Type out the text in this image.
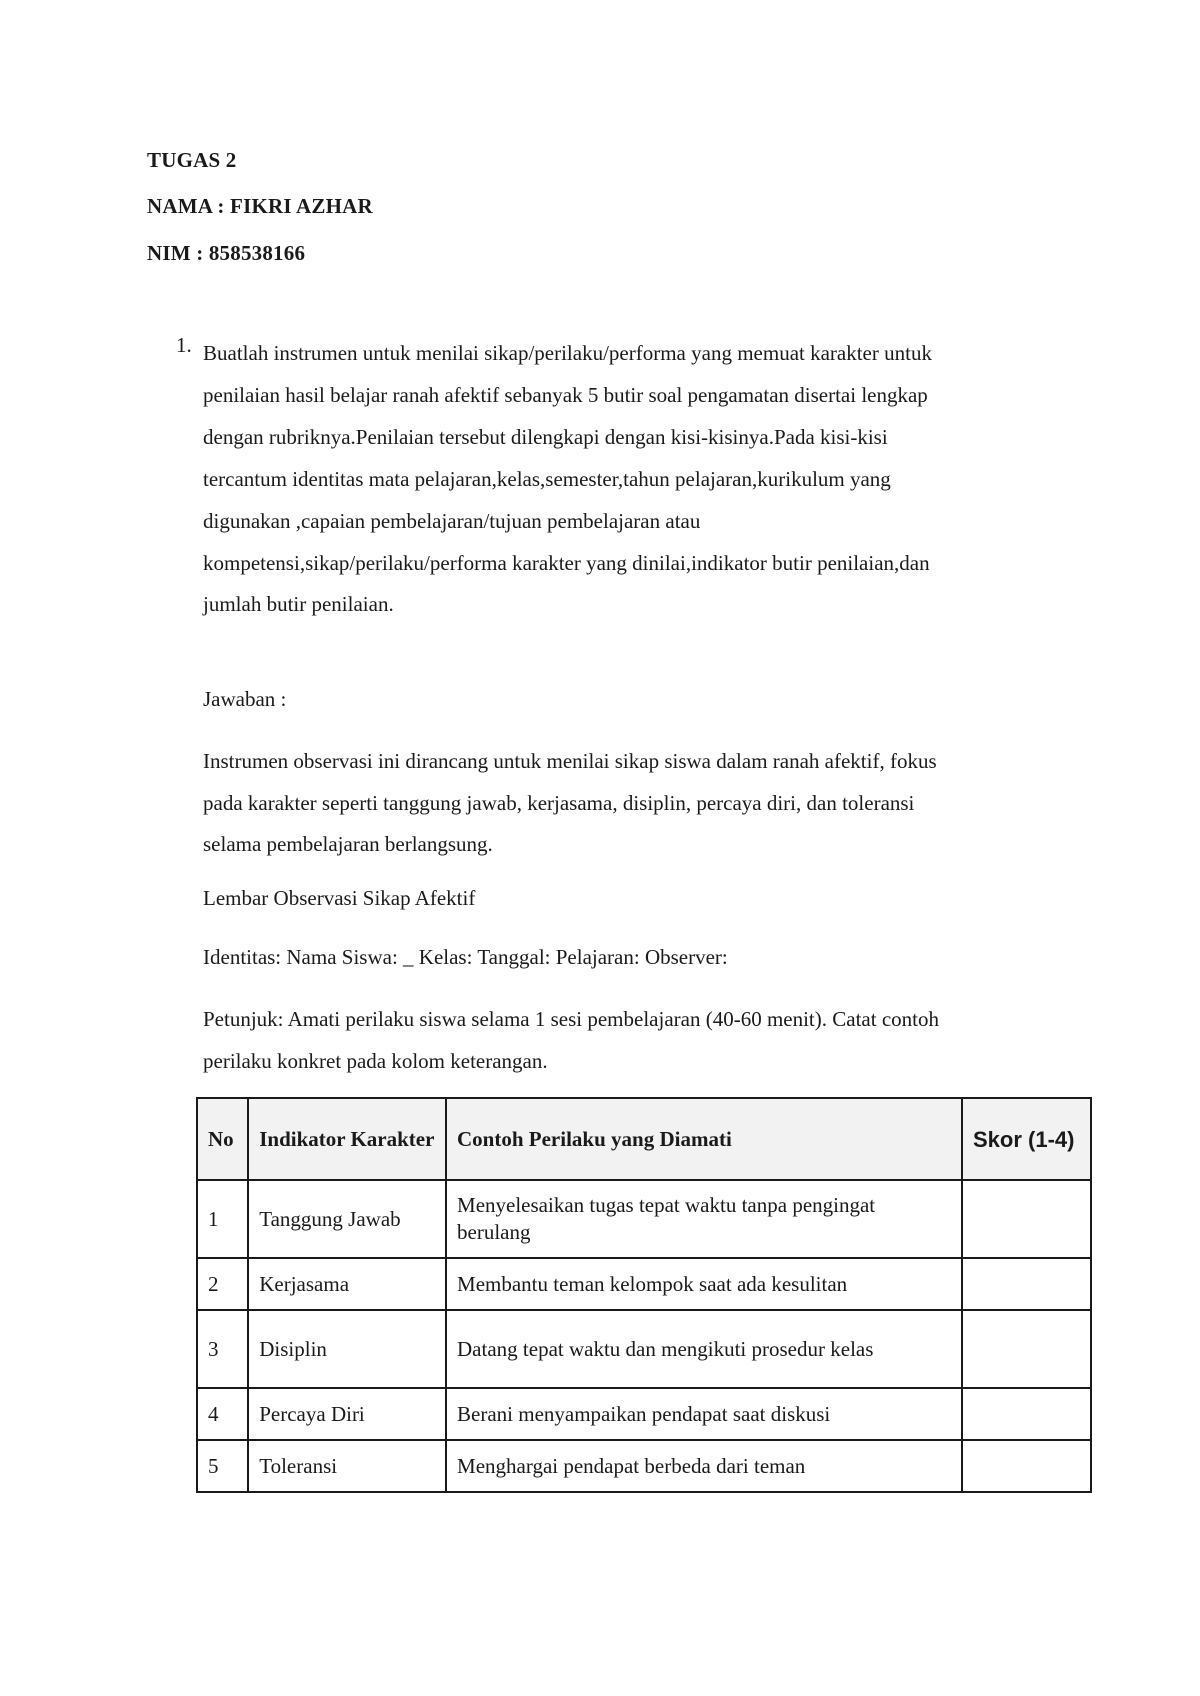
TUGAS 2
NAMA : FIKRI AZHAR
NIM : 858538166
1. Buatlah instrumen untuk menilai sikap/perilaku/performa yang memuat karakter untuk
penilaian hasil belajar ranah afektif sebanyak 5 butir soal pengamatan disertai lengkap
dengan rubriknya.Penilaian tersebut dilengkapi dengan kisi-kisinya.Pada kisi-kisi
tercantum identitas mata pelajaran,kelas,semester,tahun pelajaran,kurikulum yang
digunakan ,capaian pembelajaran/tujuan pembelajaran atau
kompetensi,sikap/perilaku/performa karakter yang dinilai,indikator butir penilaian,dan
jumlah butir penilaian.
Jawaban :
Instrumen observasi ini dirancang untuk menilai sikap siswa dalam ranah afektif, fokus
pada karakter seperti tanggung jawab, kerjasama, disiplin, percaya diri, dan toleransi
selama pembelajaran berlangsung.
Lembar Observasi Sikap Afektif
Identitas: Nama Siswa: _ Kelas: Tanggal: Pelajaran: Observer:
Petunjuk: Amati perilaku siswa selama 1 sesi pembelajaran (40-60 menit). Catat contoh
perilaku konkret pada kolom keterangan.
No	Indikator Karakter	Contoh Perilaku yang Diamati	Skor (1-4)
1	Tanggung Jawab	Menyelesaikan tugas tepat waktu tanpa pengingat berulang	
2	Kerjasama	Membantu teman kelompok saat ada kesulitan	
3	Disiplin	Datang tepat waktu dan mengikuti prosedur kelas	
4	Percaya Diri	Berani menyampaikan pendapat saat diskusi	
5	Toleransi	Menghargai pendapat berbeda dari teman	
